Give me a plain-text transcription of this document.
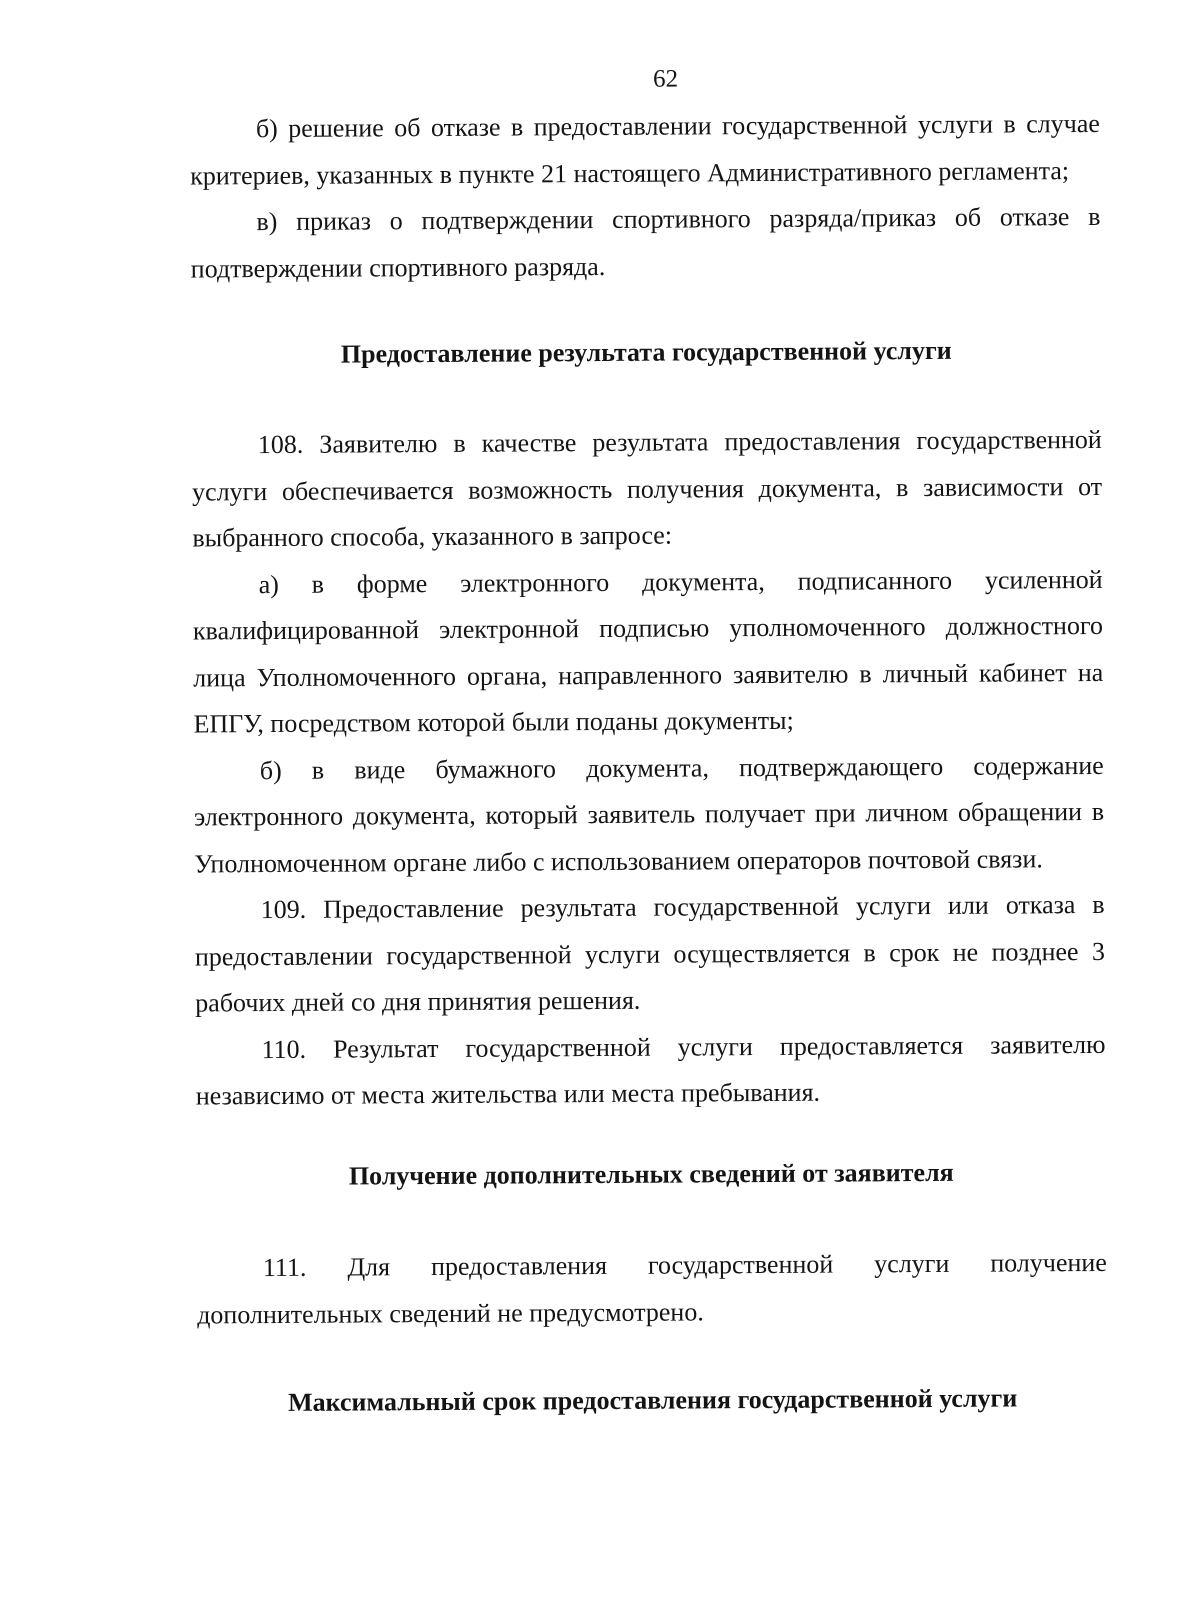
62

б) решение об отказе в предоставлении государственной услуги в случае критериев, указанных в пункте 21 настоящего Административного регламента;

в) приказ о подтверждении спортивного разряда/приказ об отказе в подтверждении спортивного разряда.

Предоставление результата государственной услуги

108. Заявителю в качестве результата предоставления государственной услуги обеспечивается возможность получения документа, в зависимости от выбранного способа, указанного в запросе:

а) в форме электронного документа, подписанного усиленной квалифицированной электронной подписью уполномоченного должностного лица Уполномоченного органа, направленного заявителю в личный кабинет на ЕПГУ, посредством которой были поданы документы;

б) в виде бумажного документа, подтверждающего содержание электронного документа, который заявитель получает при личном обращении в Уполномоченном органе либо с использованием операторов почтовой связи.

109. Предоставление результата государственной услуги или отказа в предоставлении государственной услуги осуществляется в срок не позднее 3 рабочих дней со дня принятия решения.

110. Результат государственной услуги предоставляется заявителю независимо от места жительства или места пребывания.

Получение дополнительных сведений от заявителя

111. Для предоставления государственной услуги получение дополнительных сведений не предусмотрено.

Максимальный срок предоставления государственной услуги
